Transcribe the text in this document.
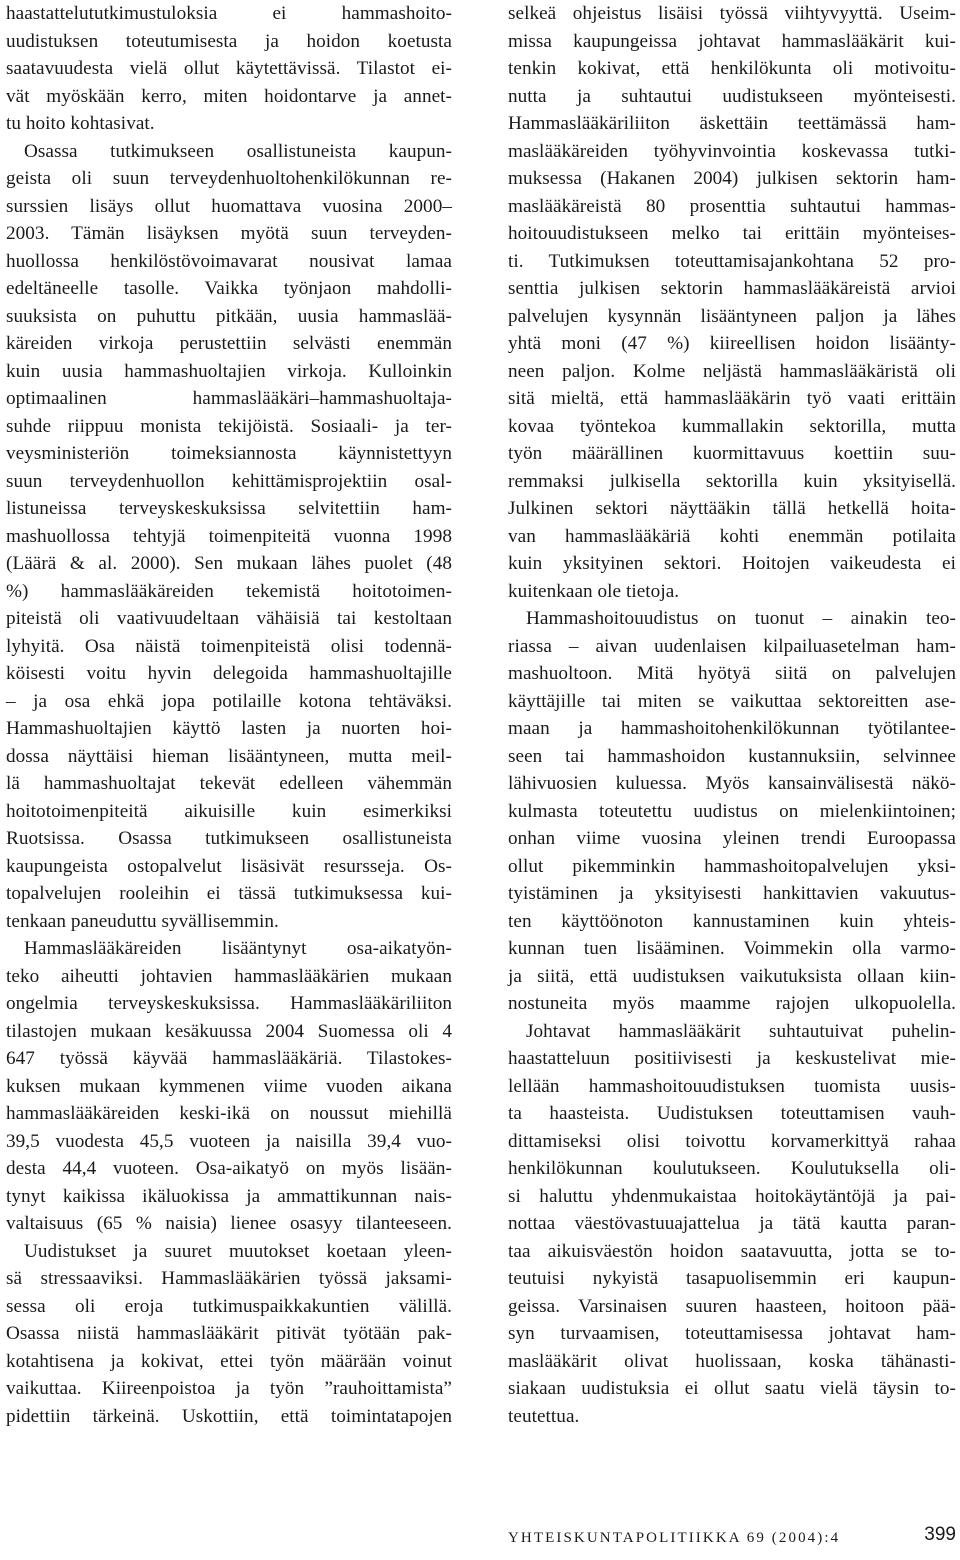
haastattelututkimustuloksia ei hammashoito-
uudistuksen toteutumisesta ja hoidon koetusta
saatavuudesta vielä ollut käytettävissä. Tilastot ei-
vät myöskään kerro, miten hoidontarve ja annet-
tu hoito kohtasivat.
Osassa tutkimukseen osallistuneista kaupun-
geista oli suun terveydenhuoltohenkilökunnan re-
surssien lisäys ollut huomattava vuosina 2000–
2003. Tämän lisäyksen myötä suun terveyden-
huollossa henkilöstövoimavarat nousivat lamaa
edeltäneelle tasolle. Vaikka työnjaon mahdolli-
suuksista on puhuttu pitkään, uusia hammaslää-
käreiden virkoja perustettiin selvästi enemmän
kuin uusia hammashuoltajien virkoja. Kulloinkin
optimaalinen hammaslääkäri–hammashuoltaja-
suhde riippuu monista tekijöistä. Sosiaali- ja ter-
veysministeriön toimeksiannosta käynnistettyyn
suun terveydenhuollon kehittämisprojektiin osal-
listuneissa terveyskeskuksissa selvitettiin ham-
mashuollossa tehtyjä toimenpiteitä vuonna 1998
(Läärä & al. 2000). Sen mukaan lähes puolet (48
%) hammaslääkäreiden tekemistä hoitotoimen-
piteistä oli vaativuudeltaan vähäisiä tai kestoltaan
lyhyitä. Osa näistä toimenpiteistä olisi todennä-
köisesti voitu hyvin delegoida hammashuoltajille
– ja osa ehkä jopa potilaille kotona tehtäväksi.
Hammashuoltajien käyttö lasten ja nuorten hoi-
dossa näyttäisi hieman lisääntyneen, mutta meil-
lä hammashuoltajat tekevät edelleen vähemmän
hoitotoimenpiteitä aikuisille kuin esimerkiksi
Ruotsissa. Osassa tutkimukseen osallistuneista
kaupungeista ostopalvelut lisäsivät resursseja. Os-
topalvelujen rooleihin ei tässä tutkimuksessa kui-
tenkaan paneuduttu syvällisemmin.
Hammaslääkäreiden lisääntynyt osa-aikatyön-
teko aiheutti johtavien hammaslääkärien mukaan
ongelmia terveyskeskuksissa. Hammaslääkäriliiton
tilastojen mukaan kesäkuussa 2004 Suomessa oli 4
647 työssä käyvää hammaslääkäriä. Tilastokes-
kuksen mukaan kymmenen viime vuoden aikana
hammaslääkäreiden keski-ikä on noussut miehillä
39,5 vuodesta 45,5 vuoteen ja naisilla 39,4 vuo-
desta 44,4 vuoteen. Osa-aikatyö on myös lisään-
tynyt kaikissa ikäluokissa ja ammattikunnan nais-
valtaisuus (65 % naisia) lienee osasyy tilanteeseen.
Uudistukset ja suuret muutokset koetaan yleen-
sä stressaaviksi. Hammaslääkärien työssä jaksami-
sessa oli eroja tutkimuspaikkakuntien välillä.
Osassa niistä hammaslääkärit pitivät työtään pak-
kotahtisena ja kokivat, ettei työn määrään voinut
vaikuttaa. Kiireenpoistoa ja työn ”rauhoittamista”
pidettiin tärkeinä. Uskottiin, että toimintatapojen
selkeä ohjeistus lisäisi työssä viihtyvyyttä. Useim-
missa kaupungeissa johtavat hammaslääkärit kui-
tenkin kokivat, että henkilökunta oli motivoitu-
nutta ja suhtautui uudistukseen myönteisesti.
Hammaslääkäriliiton äskettäin teettämässä ham-
maslääkäreiden työhyvinvointia koskevassa tutki-
muksessa (Hakanen 2004) julkisen sektorin ham-
maslääkäreistä 80 prosenttia suhtautui hammas-
hoitouudistukseen melko tai erittäin myönteises-
ti. Tutkimuksen toteuttamisajankohtana 52 pro-
senttia julkisen sektorin hammaslääkäreistä arvioi
palvelujen kysynnän lisääntyneen paljon ja lähes
yhtä moni (47 %) kiireellisen hoidon lisäänty-
neen paljon. Kolme neljästä hammaslääkäristä oli
sitä mieltä, että hammaslääkärin työ vaati erittäin
kovaa työntekoa kummallakin sektorilla, mutta
työn määrällinen kuormittavuus koettiin suu-
remmaksi julkisella sektorilla kuin yksityisellä.
Julkinen sektori näyttääkin tällä hetkellä hoita-
van hammaslääkäriä kohti enemmän potilaita
kuin yksityinen sektori. Hoitojen vaikeudesta ei
kuitenkaan ole tietoja.
Hammashoitouudistus on tuonut – ainakin teo-
riassa – aivan uudenlaisen kilpailuasetelman ham-
mashuoltoon. Mitä hyötyä siitä on palvelujen
käyttäjille tai miten se vaikuttaa sektoreitten ase-
maan ja hammashoitohenkilökunnan työtilantee-
seen tai hammashoidon kustannuksiin, selvinnee
lähivuosien kuluessa. Myös kansainvälisestä näkö-
kulmasta toteutettu uudistus on mielenkiintoinen;
onhan viime vuosina yleinen trendi Euroopassa
ollut pikemminkin hammashoitopalvelujen yksi-
tyistäminen ja yksityisesti hankittavien vakuutus-
ten käyttöönoton kannustaminen kuin yhteis-
kunnan tuen lisääminen. Voimmekin olla varmo-
ja siitä, että uudistuksen vaikutuksista ollaan kiin-
nostuneita myös maamme rajojen ulkopuolella.
Johtavat hammaslääkärit suhtautuivat puhelin-
haastatteluun positiivisesti ja keskustelivat mie-
lellään hammashoitouudistuksen tuomista uusis-
ta haasteista. Uudistuksen toteuttamisen vauh-
dittamiseksi olisi toivottu korvamerkittyä rahaa
henkilökunnan koulutukseen. Koulutuksella oli-
si haluttu yhdenmukaistaa hoitokäytäntöjä ja pai-
nottaa väestövastuuajattelua ja tätä kautta paran-
taa aikuisväestön hoidon saatavuutta, jotta se to-
teutuisi nykyistä tasapuolisemmin eri kaupun-
geissa. Varsinaisen suuren haasteen, hoitoon pää-
syn turvaamisen, toteuttamisessa johtavat ham-
maslääkärit olivat huolissaan, koska tähänasti-
siakaan uudistuksia ei ollut saatu vielä täysin to-
teutettua.
YHTEISKUNTAPOLITIIKKA 69 (2004):4	399
